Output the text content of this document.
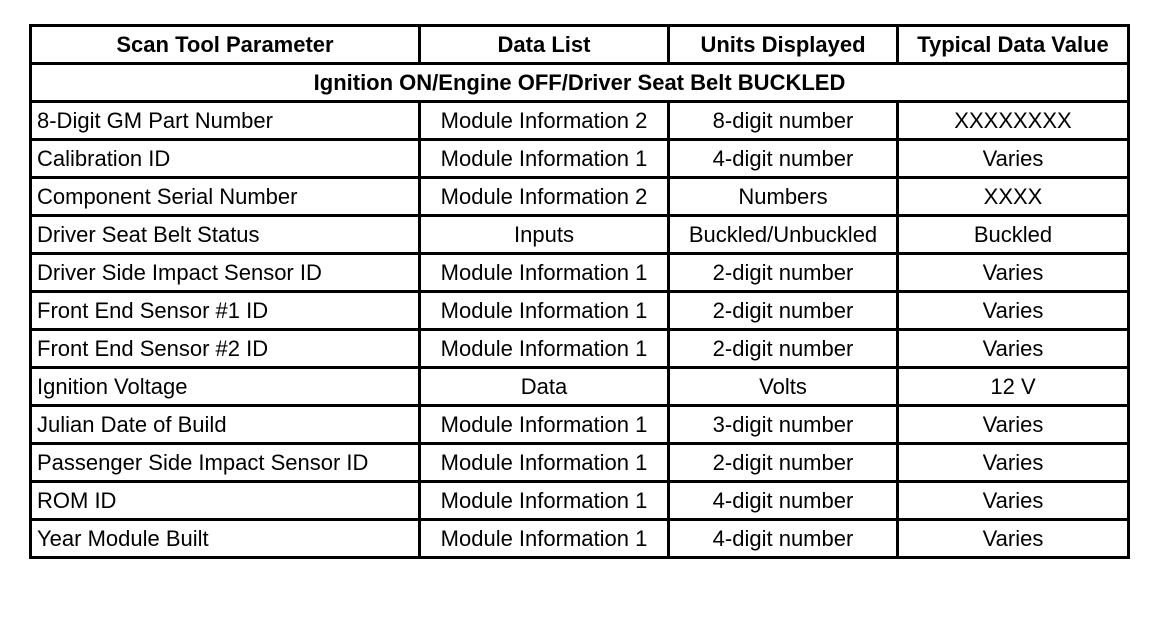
Scan Tool Parameter	Data List	Units Displayed	Typical Data Value
Ignition ON/Engine OFF/Driver Seat Belt BUCKLED			
8-Digit GM Part Number	Module Information 2	8-digit number	XXXXXXXX
Calibration ID	Module Information 1	4-digit number	Varies
Component Serial Number	Module Information 2	Numbers	XXXX
Driver Seat Belt Status	Inputs	Buckled/Unbuckled	Buckled
Driver Side Impact Sensor ID	Module Information 1	2-digit number	Varies
Front End Sensor #1 ID	Module Information 1	2-digit number	Varies
Front End Sensor #2 ID	Module Information 1	2-digit number	Varies
Ignition Voltage	Data	Volts	12 V
Julian Date of Build	Module Information 1	3-digit number	Varies
Passenger Side Impact Sensor ID	Module Information 1	2-digit number	Varies
ROM ID	Module Information 1	4-digit number	Varies
Year Module Built	Module Information 1	4-digit number	Varies
